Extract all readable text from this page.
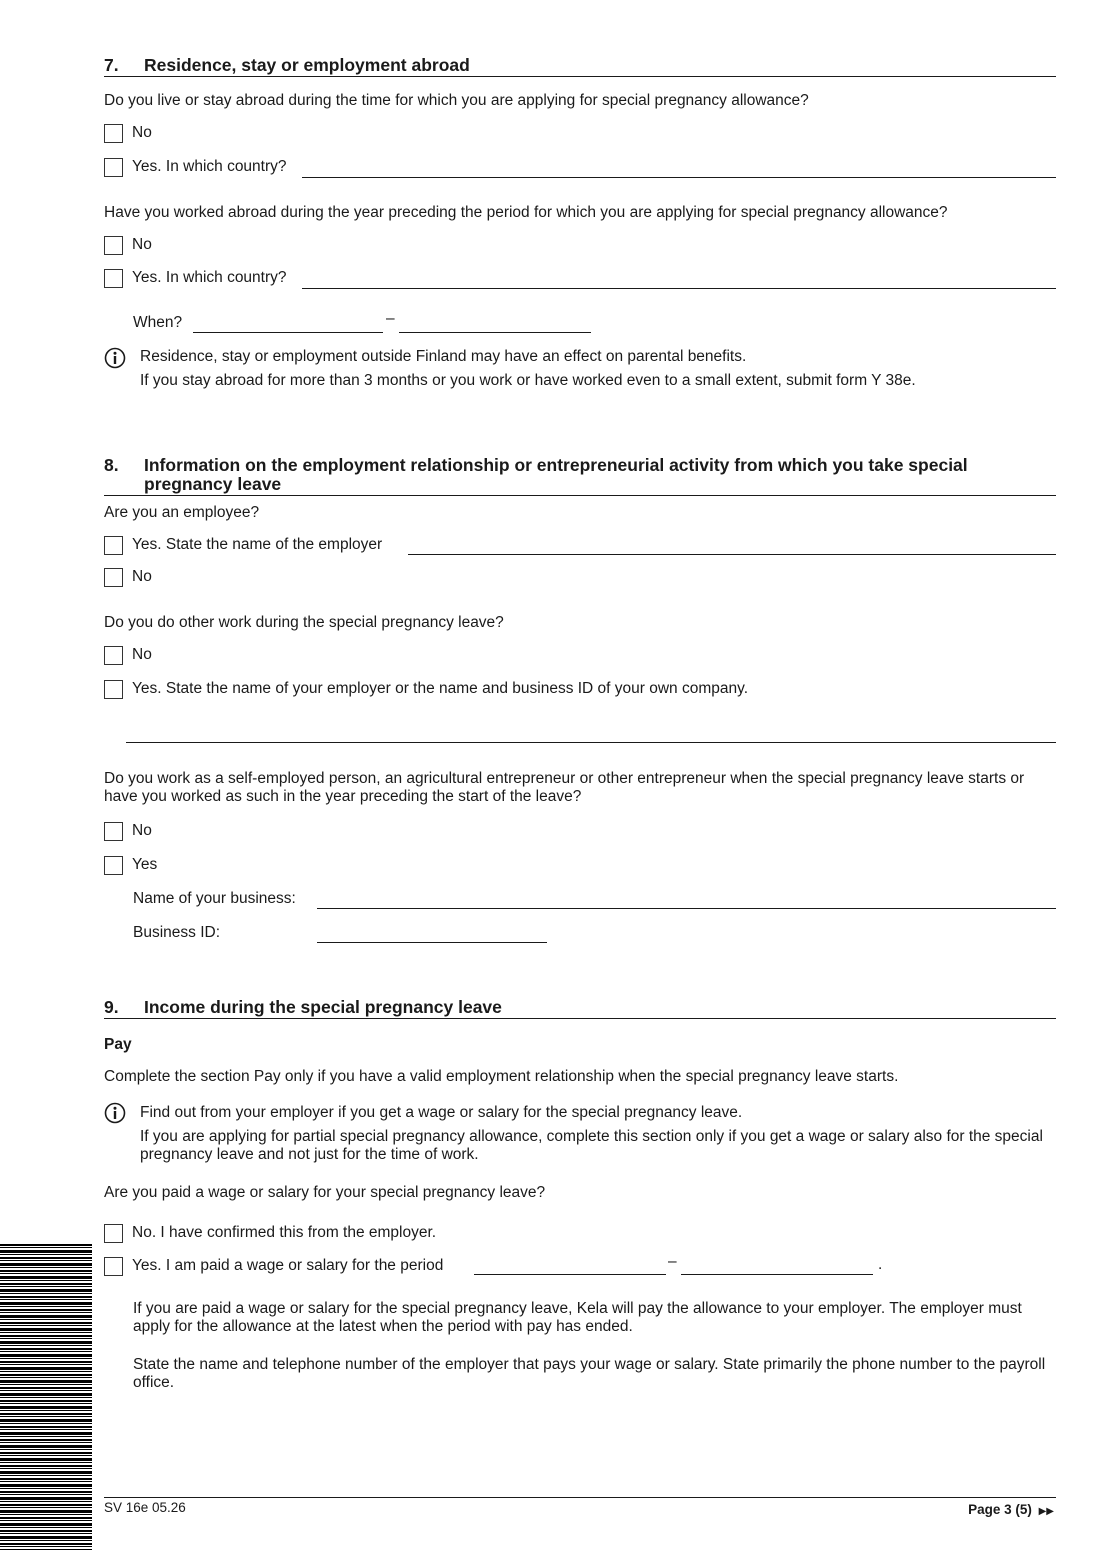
7.	Residence, stay or employment abroad
Do you live or stay abroad during the time for which you are applying for special pregnancy allowance?
No
Yes. In which country?
Have you worked abroad during the year preceding the period for which you are applying for special pregnancy allowance?
No
Yes. In which country?
When?	–
Residence, stay or employment outside Finland may have an effect on parental benefits.
If you stay abroad for more than 3 months or you work or have worked even to a small extent, submit form Y 38e.
8.	Information on the employment relationship or entrepreneurial activity from which you take special pregnancy leave
Are you an employee?
Yes. State the name of the employer
No
Do you do other work during the special pregnancy leave?
No
Yes. State the name of your employer or the name and business ID of your own company.
Do you work as a self-employed person, an agricultural entrepreneur or other entrepreneur when the special pregnancy leave starts or have you worked as such in the year preceding the start of the leave?
No
Yes
Name of your business:
Business ID:
9.	Income during the special pregnancy leave
Pay
Complete the section Pay only if you have a valid employment relationship when the special pregnancy leave starts.
Find out from your employer if you get a wage or salary for the special pregnancy leave.
If you are applying for partial special pregnancy allowance, complete this section only if you get a wage or salary also for the special pregnancy leave and not just for the time of work.
Are you paid a wage or salary for your special pregnancy leave?
No. I have confirmed this from the employer.
Yes. I am paid a wage or salary for the period	–	.
If you are paid a wage or salary for the special pregnancy leave, Kela will pay the allowance to your employer. The employer must apply for the allowance at the latest when the period with pay has ended.
State the name and telephone number of the employer that pays your wage or salary. State primarily the phone number to the payroll office.
SV 16e 05.26	Page 3 (5) ▶▶
